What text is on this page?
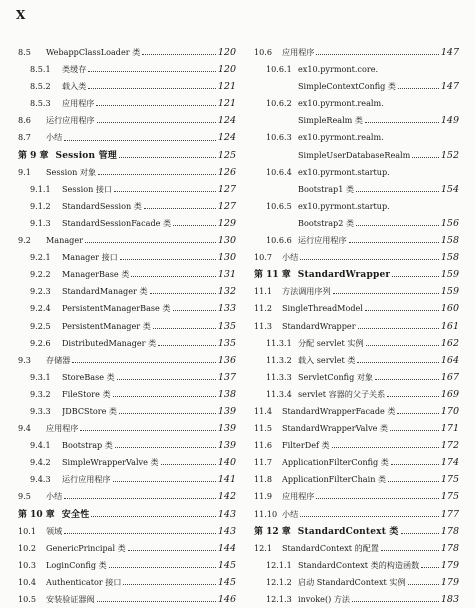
X
8.5	WebappClassLoader 类	120
8.5.1	类缓存	120
8.5.2	载入类	121
8.5.3	应用程序	121
8.6	运行应用程序	124
8.7	小结	124
第 9 章 Session 管理	125
9.1	Session 对象	126
9.1.1	Session 接口	127
9.1.2	StandardSession 类	127
9.1.3	StandardSessionFacade 类	129
9.2	Manager	130
9.2.1	Manager 接口	130
9.2.2	ManagerBase 类	131
9.2.3	StandardManager 类	132
9.2.4	PersistentManagerBase 类	133
9.2.5	PersistentManager 类	135
9.2.6	DistributedManager 类	135
9.3	存储器	136
9.3.1	StoreBase 类	137
9.3.2	FileStore 类	138
9.3.3	JDBCStore 类	139
9.4	应用程序	139
9.4.1	Bootstrap 类	139
9.4.2	SimpleWrapperValve 类	140
9.4.3	运行应用程序	141
9.5	小结	142
第 10 章 安全性	143
10.1	领域	143
10.2	GenericPrincipal 类	144
10.3	LoginConfig 类	145
10.4	Authenticator 接口	145
10.5	安装验证器阀	146
10.6	应用程序	147
10.6.1 ex10.pyrmont.core.
SimpleContextConfig 类	147
10.6.2 ex10.pyrmont.realm.
SimpleRealm 类	149
10.6.3 ex10.pyrmont.realm.
SimpleUserDatabaseRealm	152
10.6.4 ex10.pyrmont.startup.
Bootstrap1 类	154
10.6.5 ex10.pyrmont.startup.
Bootstrap2 类	156
10.6.6 运行应用程序	158
10.7	小结	158
第 11 章 StandardWrapper	159
11.1	方法调用序列	159
11.2	SingleThreadModel	160
11.3	StandardWrapper	161
11.3.1 分配 servlet 实例	162
11.3.2 载入 servlet 类	164
11.3.3 ServletConfig 对象	167
11.3.4 servlet 容器的父子关系	169
11.4	StandardWrapperFacade 类	170
11.5	StandardWrapperValve 类	171
11.6	FilterDef 类	172
11.7	ApplicationFilterConfig 类	174
11.8	ApplicationFilterChain 类	175
11.9	应用程序	175
11.10 小结	177
第 12 章 StandardContext 类	178
12.1	StandardContext 的配置	178
12.1.1 StandardContext 类的构造函数 179
12.1.2 启动 StandardContext 实例	179
12.1.3 invoke() 方法	183
